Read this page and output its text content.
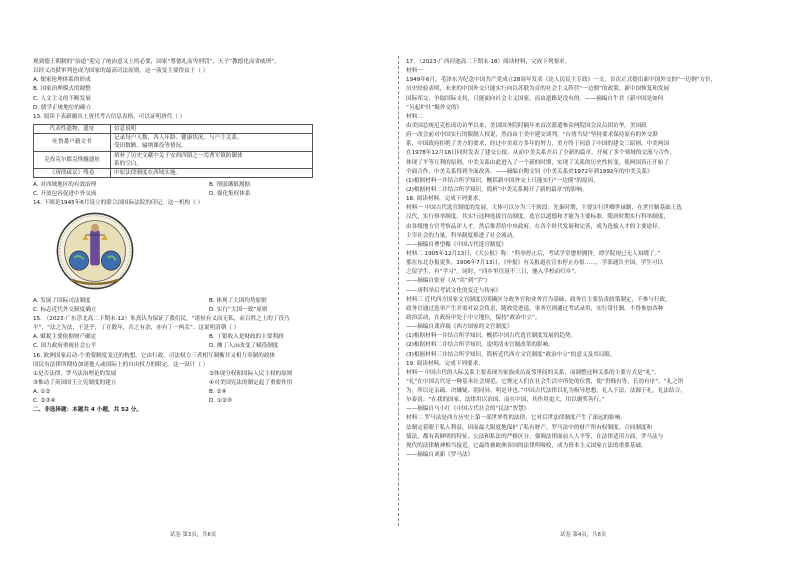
观到德王朝制的“治道”迎完了统治意义上的必要，国家“尊德礼而卑刑罚”，天子“教德化而省威刑”，
以经义决狱审判也成为国家的最高司法原则。这一演变主要得益于（ ）
A. 儒家伦理体系的形成
B. 国家治理模式的调整
C. 人文主义的不断发展
D. 儒学正统地位的确立
13. 阅读下表新疆出土唐代考古信息表格，可以证明唐代（ ）
代表性遗物、遗址	信息说明
吐鲁番户籍文书	记录每户人数、各人年龄、健康状况、与户主关系、
受田数额、输纳课役等情况。

克孜克尔都克烽燧遗址	填补了历史文献中关于安西四镇之一焉耆军镇防御体
系的空白。

《唐律疏议》残卷	中原法律制度在西域实施。
A. 对西域地区的有效治理	B. 削弱藩镇割据
C. 开放包容促进中外交流	D. 强化集权体系
14. 下图是1945年6月设立的联合国国际法院的印记。这一机构（ ）
A. 发展了国际司法制度	B. 体现了大国均势原则
C. 标志近代外交制度确立	D. 实行“大国一致”原则
15. （2023·广东浮北高二下期末·12）朱熹认为保证了我们民，“诸侯有义而无私，而百姓之上的丁役乃
平”，“法之为法，于是乎，丁在数年，否之有余，亦有丁一两关”。这说明清朝（ ）
A. 赋税主要依据财产确定	B. 丁银收入是财政的主要利润
C. 国力政府重视社会公平	D. 摊丁入亩改变了赋役制度
16. 欧洲国家启动-个重要制度变迁的构想。它由行政，司法权力三者相互制衡并又相互牵制的政体
国民有法律所期待加诸他人或国际上的自由权力的限定。这一设计（ ）
①是否法律，罗马法治理论的发展	②体现分权和国际人民主权的原则
③推动了英国国王立宪制度的建立	④对美国宪法的制定起了重要作用
A. ①②	B. ②④
C. ②③④	D. ①②③
二、非选择题：本题共 4 小题，共 52 分。
17. （2023·广西河池高二下期末·18）阅读材料，完成下列要求。
材料一
1949年6月，毛泽东为纪念中国共产党成立28周年发表《论人民民主专政》一文，首次正式提出新中国外交的“一边倒”方针，
历史经验表明，未来的中国外交只能实行向以苏联为首的社会主义阵营“一边倒”的政策。新中国恢复和发展
国际邦交，争取国际支持，只能面向社会主义国家，而由道路是没有的。——摘编自牛君《新中国是如何
“另起炉灶”揭外交的》
材料二
由美国总统尼克松成功访华以来，美国国务院时隔年来首次派遣参众两院国会议员团访华，美国政
府一改会前对中国实行的限制人权说，然而由于美中建交谈判，“台湾当局”坚持要求保持原有的外交联
系，中国政府拒绝了美方的要求，经过中美双方多年的努力，美方终于同意了中国的建交三原则，中美两国
在1978年12月16日同时发表了建交公报。从而中美关系开启了全新的篇章，开展了多个领域的交流与合作，
体现了平等互利的原则，中美关系由此进入了一个新的时期，实现了关系的历史性转变，使两国真正开始了
全面合作，中美关系得到全面改善。——摘编自陶文钊《中美关系史1972年到1992年的中美关系》
(1)根据材料一并结合所学知识，概括新中国外交上只能实行“一边倒”的原因。
(2)根据材料二并结合所学知识，简析“中美关系揭开了新的篇章”的影响。
18. 阅读材料，完成下列要求。
材料一 中国古代选官制度的发展，大体可以分为三个阶段：先秦时期，主要实行世卿世禄制，在世官制基础上选
汉代，实行察举制度。其实行这种选拔官员制度，选官以道德和才能为主要标准。隋唐时期实行科举制度，
由各级地方官考察品评人才，然后推荐给中央政府。在各个时代发展和完善，成为选拔人才的主要途径。
主宰社会的力量，科举制度推进了社会流动。
——摘编自曹望楣《中国古代选官制度》
材料二 1905年12月13日，《大公报》称：“科举停止后，考试学堂愈形拥挤，谭学院现已无人知晓了。”
那在东北办报更多，1906年7月13日，《申报》有关报道在宣布停止办报……，学部通告全国，学生可以
之留学生，有“学习”。同时，“四乡里往返不三日，驰入学校而归乡”。
——摘编自张亚《从“宾”到“学”》
——唐科举后考试文化的变迁与传承》
材料三 近代西方国家文官制度以明确区分政务官和业务官为基础，政务官主要负责政策制定，不参与行政，
政务官通过选举产生并需对议会负责，随政党进退，事务官则通过考试录用，实行常任制，不得参加各种
政治活动，在政府中处于中立地位，保持“政治中立”。
——摘编自龚祥瑞《西方国家的文官制度》
(1)根据材料一并结合所学知识，概括中国古代选官制度发展的趋势。
(2)根据材料二并结合所学知识，说明清末官制改革的影响。
(3)根据材料三并结合所学知识，简析近代西方文官制度“政治中立”的意义及其局限。
19. 阅读材料，完成下列要求。
材料一 中国古代的人际关系主要表现为家族成员及邻里间的关系，而调整这种关系的主要方式是“礼”。
“礼”在中国古代是一种基本社会规范。它规定人们在社会生活中所处的位置，使“贵贱有等，长幼有序”。“礼之所
为，所以定亲疏、决嫌疑、别同异、明是非也。”中国古代法律以礼为指导思想，礼入于法，法源于礼，礼法结合。
尔泰说：“在我的国家，法律用以治国，而在中国，其作用更大，用以褒奖善行。”
——摘编自马小红《中国古代社会的“民法”智慧》
材料二 罗马法是西方历史上第一部世界性的法律，它对后世法律制度产生了深远的影响。
法制定着眼于私人利益，因而最大限度地保护了私有财产，罗马法中的财产所有权制度、合同制度和
债法，都有着鲜明的特征。公法和私法的严格区分，强调法律面前人人平等，在法律适用方面，罗马法与
现代的法律精神相当接近。它最终被欧洲各国的法律所吸收，成为资本主义国家立法的重要基础。
——摘编自刘新《罗马法》
试卷 第3页，共6页	试卷 第4页，共6页
